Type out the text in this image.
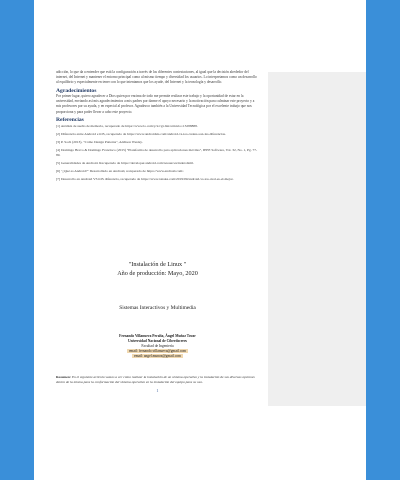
adicción, lo que da a entender que está la configuración a través de las diferentes contestaciones, al igual que la decisión alrededor del internet, del Internet y mantener el entorno principal como al mismo tiempo y diversidad los usuarios. Lo interpretamos como un desarrollo al equilibrio y especialmente en tener con lo que intentamos que los ayude, del Internet y la tecnología y desarrollo.

Agradecimientos

Por primer lugar, quiero agradecer a Dios quien por encima de todo me permite realizar este trabajo y la oportunidad de estar en la universidad, enviando así mis agradecimientos a mis padres por darme el apoyo necesario y la motivación para culminar este proyecto y a mis profesores por su ayuda, y en especial al profesor. Agradezco también a la Universidad Tecnológica por el excelente trabajo que nos proporciona y para poder llevar a cabo este proyecto.

Referencias

[1] Análisis de sueño de memoria, recuperado de https://www.lo.com/y/x/cgi-bin/articulo=13288888.

[2] Diferencia entre Android e iOS, recuperado de https://www.androidsis.com/android-vs-ios-cuales-son-las-diferencias.

[3] P. Soch (2013), "Cómo Design Patterns", Addison Wesley.

[4] Domingo Bravo & Domingo Francisco (2015) "Plataforma de desarrollo para aplicaciones móviles", IEEE Software, Vol. 32, No. 1, Pg. 77-89.

[5] Generalidades de Android. Recuperado de https://developer.android.com/resources/index.html.

[6] "¿Qué es Android?" Desarrollado en Android, recuperado de https://www.android.com/.

[7] Desarrollo en Android VS iOS diferencia, recuperado de https://www.xataka.com/2019/09/android-vs-ios-cual-es-el-mejor.

"Instalación de Linux "
Año de producción: Mayo, 2020
Sistemas Interactivos y Multimedia
Fernando Villanueva Peralta, Ángel Muñoz Tovar
Universidad Nacional de Ciberdoceres
Facultad de Ingeniería
email: fernando.villanueva@gmail.com
email: angel.munoz@gmail.com

Resumen: En el siguiente artículo vamos a ver cómo realizar la instalación de un sistema operativo y la instalación de sus diversas opciones dentro de la misma para la conformación del sistema operativo en la instalación del equipo para su uso.

1
